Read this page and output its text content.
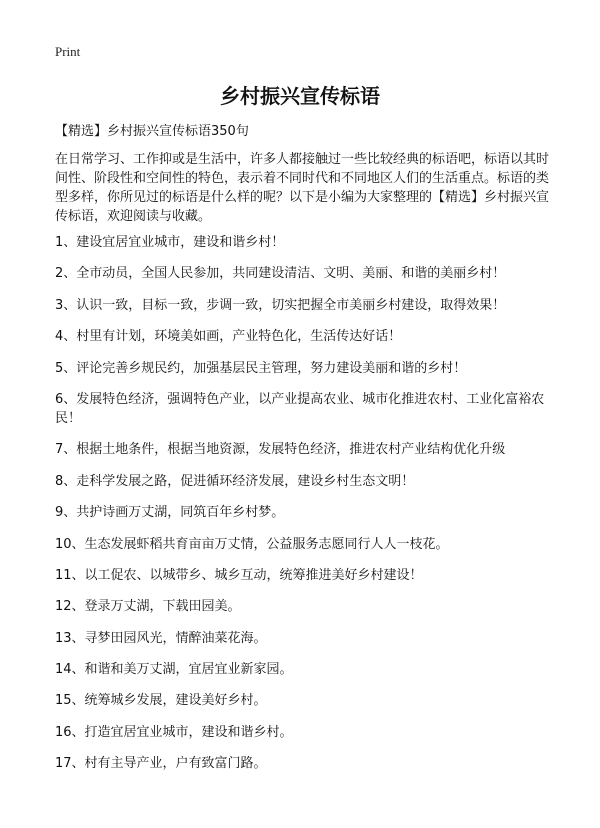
Print
乡村振兴宣传标语
【精选】乡村振兴宣传标语350句

在日常学习、工作抑或是生活中，许多人都接触过一些比较经典的标语吧，标语以其时间性、阶段性和空间性的特色，表示着不同时代和不同地区人们的生活重点。标语的类型多样，你所见过的标语是什么样的呢？以下是小编为大家整理的【精选】乡村振兴宣传标语，欢迎阅读与收藏。

1、建设宜居宜业城市，建设和谐乡村！
2、全市动员，全国人民参加，共同建设清洁、文明、美丽、和谐的美丽乡村！
3、认识一致，目标一致，步调一致，切实把握全市美丽乡村建设，取得效果！
4、村里有计划，环境美如画，产业特色化，生活传达好话！
5、评论完善乡规民约，加强基层民主管理，努力建设美丽和谐的乡村！
6、发展特色经济，强调特色产业，以产业提高农业、城市化推进农村、工业化富裕农民！
7、根据土地条件，根据当地资源，发展特色经济，推进农村产业结构优化升级
8、走科学发展之路，促进循环经济发展，建设乡村生态文明！
9、共护诗画万丈湖，同筑百年乡村梦。
10、生态发展虾稻共育亩亩万丈情，公益服务志愿同行人人一枝花。
11、以工促农、以城带乡、城乡互动，统筹推进美好乡村建设！
12、登录万丈湖，下载田园美。
13、寻梦田园风光，情醉油菜花海。
14、和谐和美万丈湖，宜居宜业新家园。
15、统筹城乡发展，建设美好乡村。
16、打造宜居宜业城市，建设和谐乡村。
17、村有主导产业，户有致富门路。
